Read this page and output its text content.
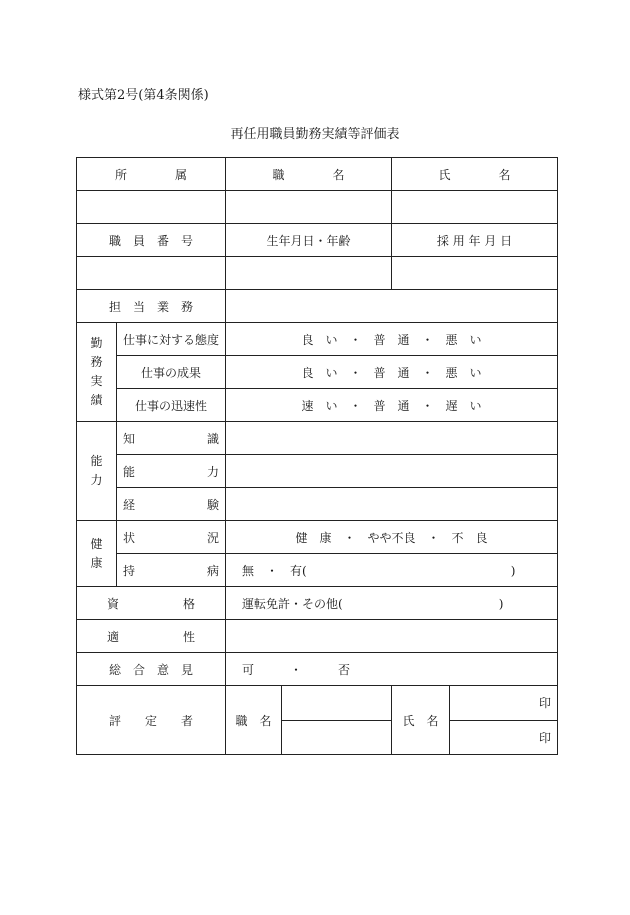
様式第2号(第4条関係)
再任用職員勤務実績等評価表
所　　　　属		職　　　　名		氏　　　　名	

職　員　番　号		生年月日・年齢		採 用 年 月 日	

担　当　業　務					

勤
務
実
績	仕事に対する態度	良　い　・　普　通　・　悪　い			
	仕事の成果	良　い　・　普　通　・　悪　い			
	仕事の迅速性	速　い　・　普　通　・　遅　い			

能
力	知 識				

	能 力				

	経 験				

健
康	状 況	健　康　・　やや不良　・　不　良			

	持 病	無　・　有(　　　　　　　　　　　　　　　　　)			

資 格		運転免許・その他(　　　　　　　　　　　　　)			

適 性					

総　合　意　見		可　　　・　　　否			
評　　定　　者		職　名		氏　名	印
					印
